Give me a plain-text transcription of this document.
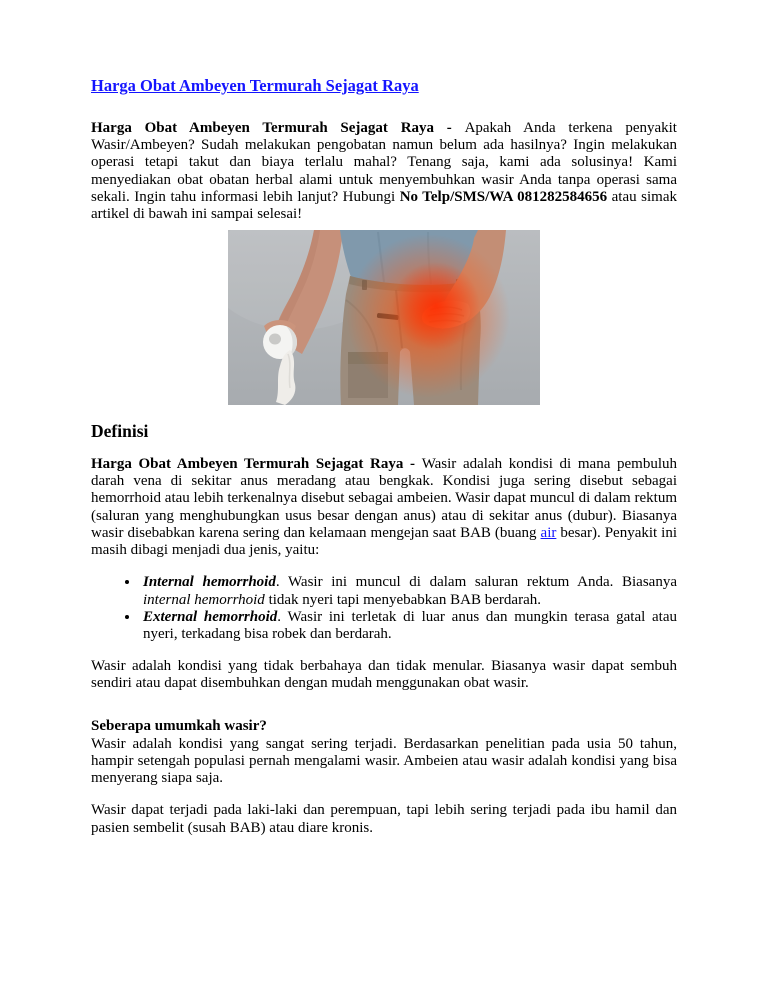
Harga Obat Ambeyen Termurah Sejagat Raya

Harga Obat Ambeyen Termurah Sejagat Raya - Apakah Anda terkena penyakit Wasir/Ambeyen? Sudah melakukan pengobatan namun belum ada hasilnya? Ingin melakukan operasi tetapi takut dan biaya terlalu mahal? Tenang saja, kami ada solusinya! Kami menyediakan obat obatan herbal alami untuk menyembuhkan wasir Anda tanpa operasi sama sekali. Ingin tahu informasi lebih lanjut? Hubungi No Telp/SMS/WA 081282584656 atau simak artikel di bawah ini sampai selesai!

Definisi

Harga Obat Ambeyen Termurah Sejagat Raya - Wasir adalah kondisi di mana pembuluh darah vena di sekitar anus meradang atau bengkak. Kondisi juga sering disebut sebagai hemorrhoid atau lebih terkenalnya disebut sebagai ambeien. Wasir dapat muncul di dalam rektum (saluran yang menghubungkan usus besar dengan anus) atau di sekitar anus (dubur). Biasanya wasir disebabkan karena sering dan kelamaan mengejan saat BAB (buang air besar). Penyakit ini masih dibagi menjadi dua jenis, yaitu:

• Internal hemorrhoid. Wasir ini muncul di dalam saluran rektum Anda. Biasanya internal hemorrhoid tidak nyeri tapi menyebabkan BAB berdarah.
• External hemorrhoid. Wasir ini terletak di luar anus dan mungkin terasa gatal atau nyeri, terkadang bisa robek dan berdarah.

Wasir adalah kondisi yang tidak berbahaya dan tidak menular. Biasanya wasir dapat sembuh sendiri atau dapat disembuhkan dengan mudah menggunakan obat wasir.

Seberapa umumkah wasir?

Wasir adalah kondisi yang sangat sering terjadi. Berdasarkan penelitian pada usia 50 tahun, hampir setengah populasi pernah mengalami wasir. Ambeien atau wasir adalah kondisi yang bisa menyerang siapa saja.

Wasir dapat terjadi pada laki-laki dan perempuan, tapi lebih sering terjadi pada ibu hamil dan pasien sembelit (susah BAB) atau diare kronis.
